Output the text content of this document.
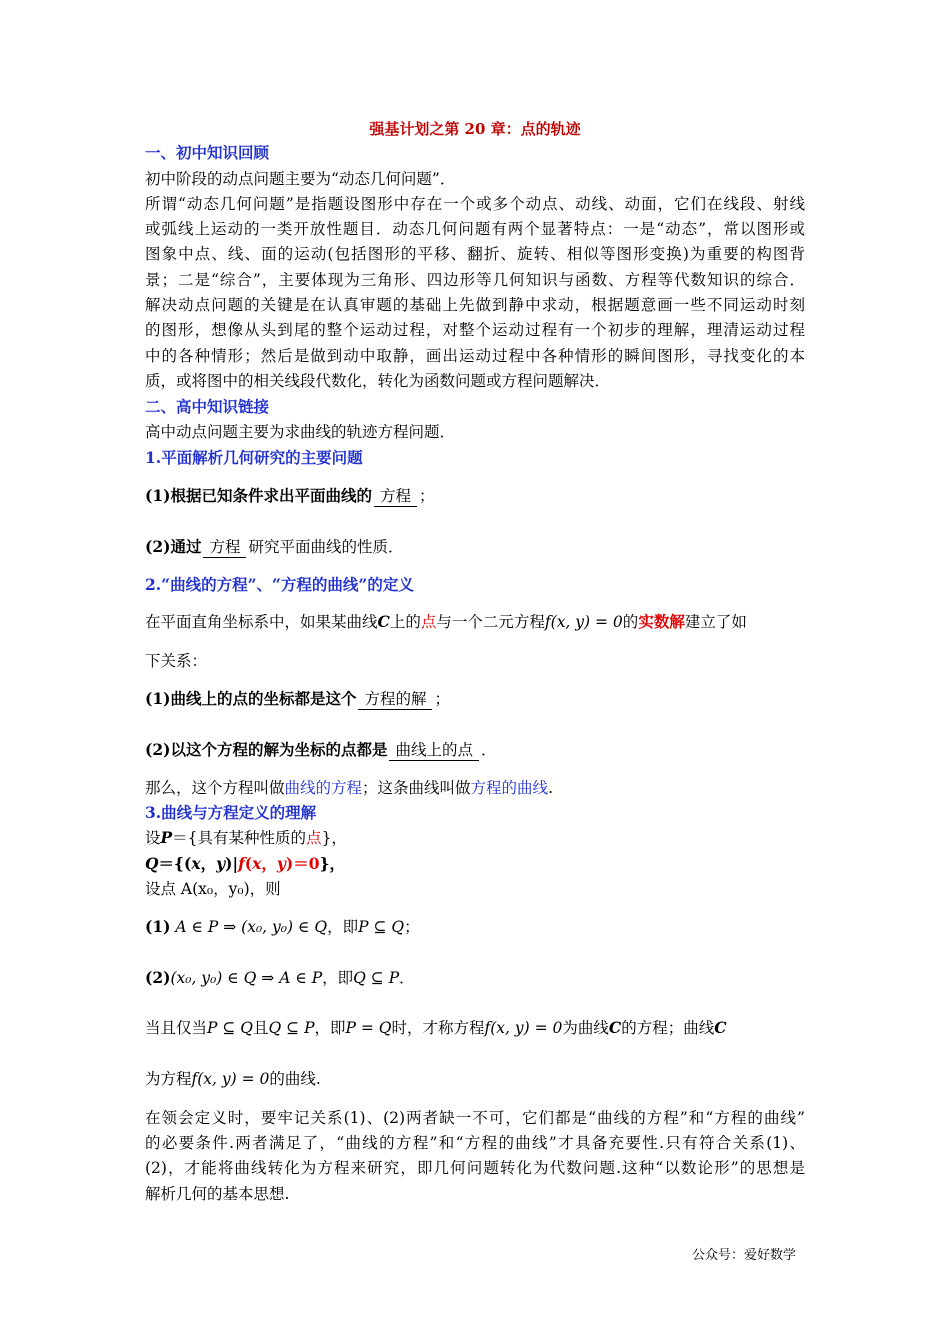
强基计划之第 20 章：点的轨迹
一、初中知识回顾
初中阶段的动点问题主要为“动态几何问题”．
所谓“动态几何问题”是指题设图形中存在一个或多个动点、动线、动面，它们在线段、射线
或弧线上运动的一类开放性题目．动态几何问题有两个显著特点：一是“动态”，常以图形或
图象中点、线、面的运动(包括图形的平移、翻折、旋转、相似等图形变换)为重要的构图背
景；二是“综合”，主要体现为三角形、四边形等几何知识与函数、方程等代数知识的综合．
解决动点问题的关键是在认真审题的基础上先做到静中求动，根据题意画一些不同运动时刻
的图形，想像从头到尾的整个运动过程，对整个运动过程有一个初步的理解，理清运动过程
中的各种情形；然后是做到动中取静，画出运动过程中各种情形的瞬间图形，寻找变化的本
质，或将图中的相关线段代数化，转化为函数问题或方程问题解决．
二、高中知识链接
高中动点问题主要为求曲线的轨迹方程问题．
1.平面解析几何研究的主要问题
(1)根据已知条件求出平面曲线的 方程 ；
(2)通过 方程 研究平面曲线的性质．
2.“曲线的方程”、“方程的曲线”的定义
在平面直角坐标系中，如果某曲线C上的点与一个二元方程f(x, y) = 0的实数解建立了如
下关系：
(1)曲线上的点的坐标都是这个 方程的解 ；
(2)以这个方程的解为坐标的点都是 曲线上的点 ．
那么，这个方程叫做曲线的方程；这条曲线叫做方程的曲线.
3.曲线与方程定义的理解
设P＝{具有某种性质的点}，
Q＝{(x，y)|f(x，y)＝0}，
设点 A(x₀，y₀)，则
(1) A ∈ P ⇒ (x₀, y₀) ∈ Q，即P ⊆ Q；
(2)(x₀, y₀) ∈ Q ⇒ A ∈ P，即Q ⊆ P．
当且仅当P ⊆ Q且Q ⊆ P，即P = Q时，才称方程f(x, y) = 0为曲线C的方程；曲线C
为方程f(x, y) = 0的曲线.
在领会定义时，要牢记关系(1)、(2)两者缺一不可，它们都是“曲线的方程”和“方程的曲线”
的必要条件.两者满足了，“曲线的方程”和“方程的曲线”才具备充要性.只有符合关系(1)、
(2)，才能将曲线转化为方程来研究，即几何问题转化为代数问题.这种“以数论形”的思想是
解析几何的基本思想.
公众号：爱好数学
